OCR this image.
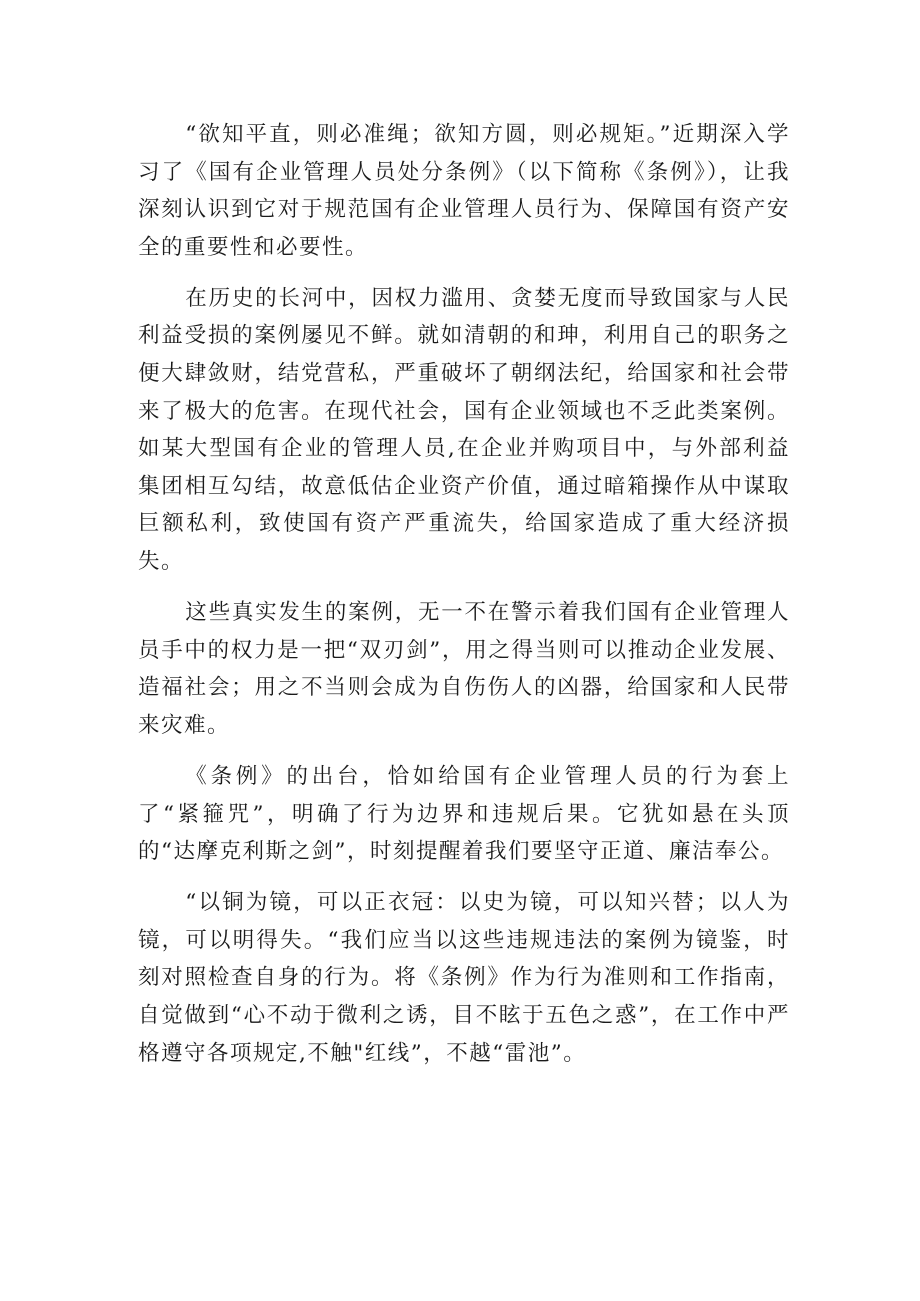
“欲知平直，则必准绳；欲知方圆，则必规矩。”近期深入学习了《国有企业管理人员处分条例》（以下简称《条例》），让我深刻认识到它对于规范国有企业管理人员行为、保障国有资产安全的重要性和必要性。

在历史的长河中，因权力滥用、贪婪无度而导致国家与人民利益受损的案例屡见不鲜。就如清朝的和珅，利用自己的职务之便大肆敛财，结党营私，严重破坏了朝纲法纪，给国家和社会带来了极大的危害。在现代社会，国有企业领域也不乏此类案例。如某大型国有企业的管理人员,在企业并购项目中，与外部利益集团相互勾结，故意低估企业资产价值，通过暗箱操作从中谋取巨额私利，致使国有资产严重流失，给国家造成了重大经济损失。

这些真实发生的案例，无一不在警示着我们国有企业管理人员手中的权力是一把“双刃剑”，用之得当则可以推动企业发展、造福社会；用之不当则会成为自伤伤人的凶器，给国家和人民带来灾难。

《条例》的出台，恰如给国有企业管理人员的行为套上了“紧箍咒”，明确了行为边界和违规后果。它犹如悬在头顶的“达摩克利斯之剑”，时刻提醒着我们要坚守正道、廉洁奉公。

“以铜为镜，可以正衣冠：以史为镜，可以知兴替；以人为镜，可以明得失。“我们应当以这些违规违法的案例为镜鉴，时刻对照检查自身的行为。将《条例》作为行为准则和工作指南，自觉做到“心不动于微利之诱，目不眩于五色之惑”，在工作中严格遵守各项规定,不触"红线”，不越“雷池”。
